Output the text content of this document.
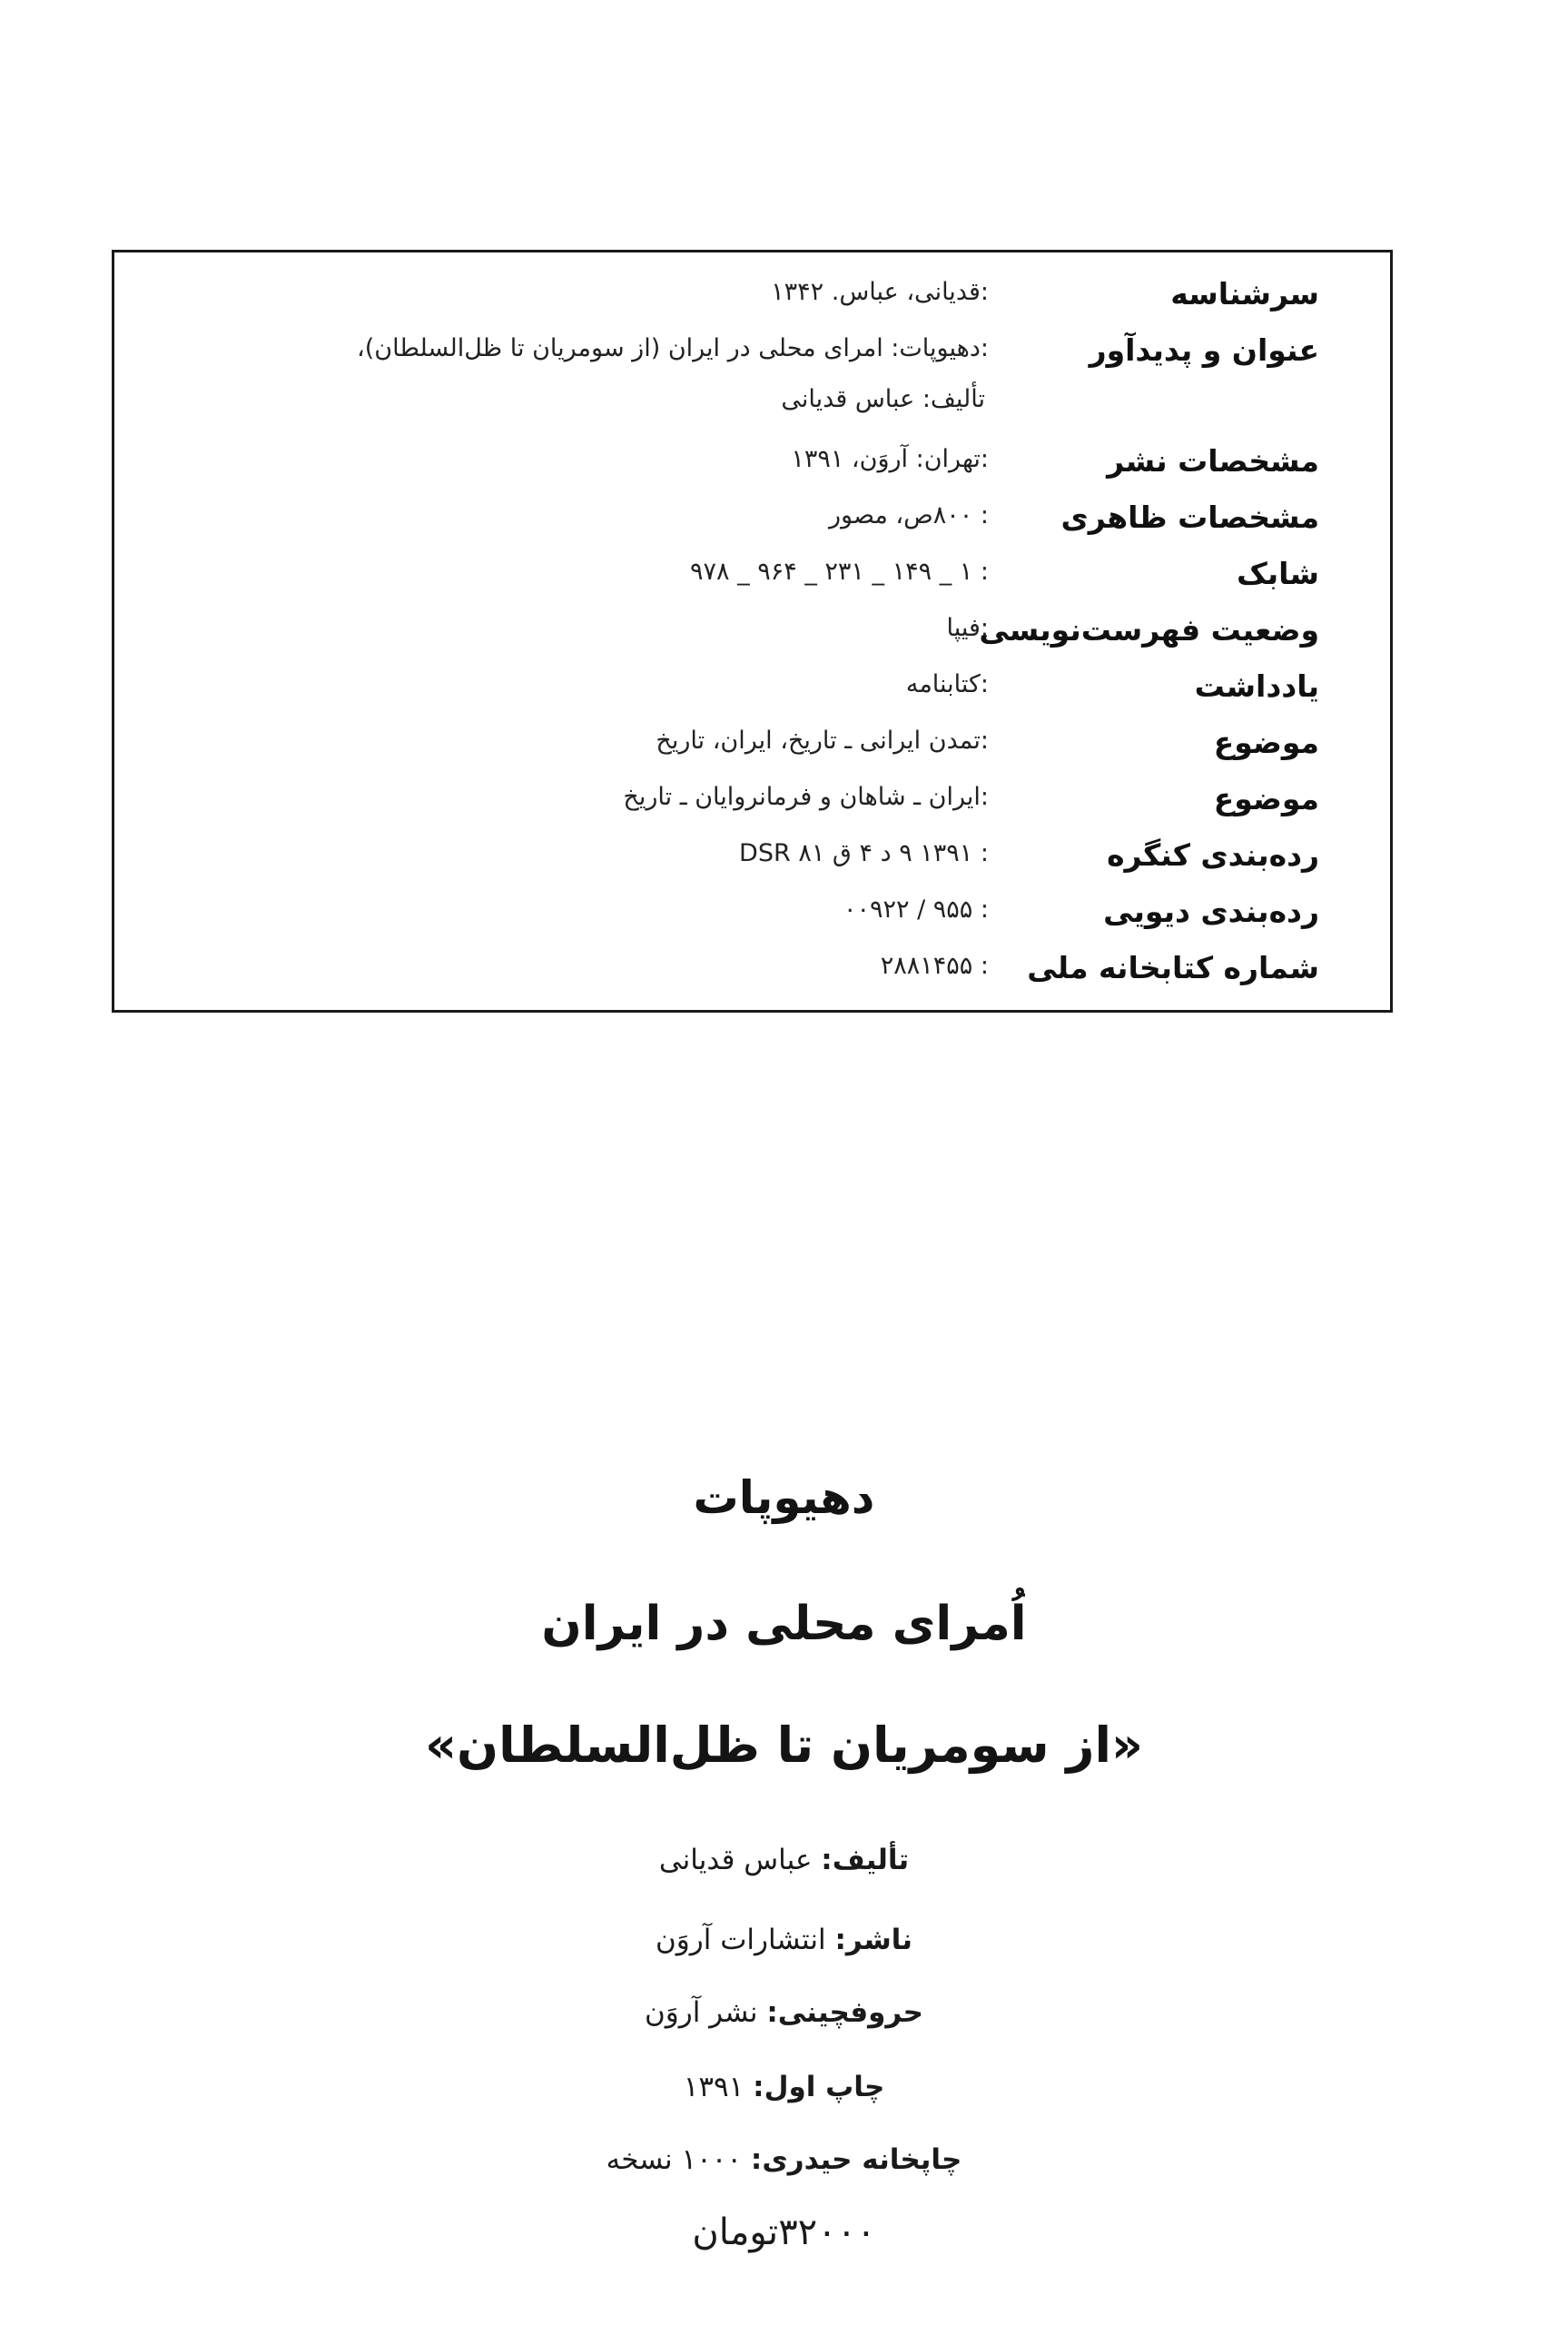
سرشناسه
:قدیانی، عباس. ۱۳۴۲
عنوان و پدیدآور
:دهیوپات: امرای محلی در ایران (از سومریان تا ظل‌السلطان)،
تألیف: عباس قدیانی
مشخصات نشر
:تهران: آروَن، ۱۳۹۱
مشخصات ظاهری
: ۸۰۰ص، مصور
شابک
: ۱ _ ۱۴۹ _ ۲۳۱ _ ۹۶۴ _ ۹۷۸
وضعیت فهرست‌نویسی
:فیپا
یادداشت
:کتابنامه
موضوع
:تمدن ایرانی ـ تاریخ، ایران، تاریخ
موضوع
:ایران ـ شاهان و فرمانروایان ـ تاریخ
رده‌بندی کنگره
: ۱۳۹۱ ۹ د ۴ ق ۸۱ DSR
رده‌بندی دیویی
: ۹۵۵ / ۰۰۹۲۲
شماره کتابخانه ملی
: ۲۸۸۱۴۵۵
دهیوپات
اُمرای محلی در ایران
«از سومریان تا ظل‌السلطان»
تألیف: عباس قدیانی
ناشر: انتشارات آروَن
حروفچینی: نشر آروَن
چاپ اول: ۱۳۹۱
چاپخانه حیدری: ۱۰۰۰ نسخه
۳۲۰۰۰تومان
